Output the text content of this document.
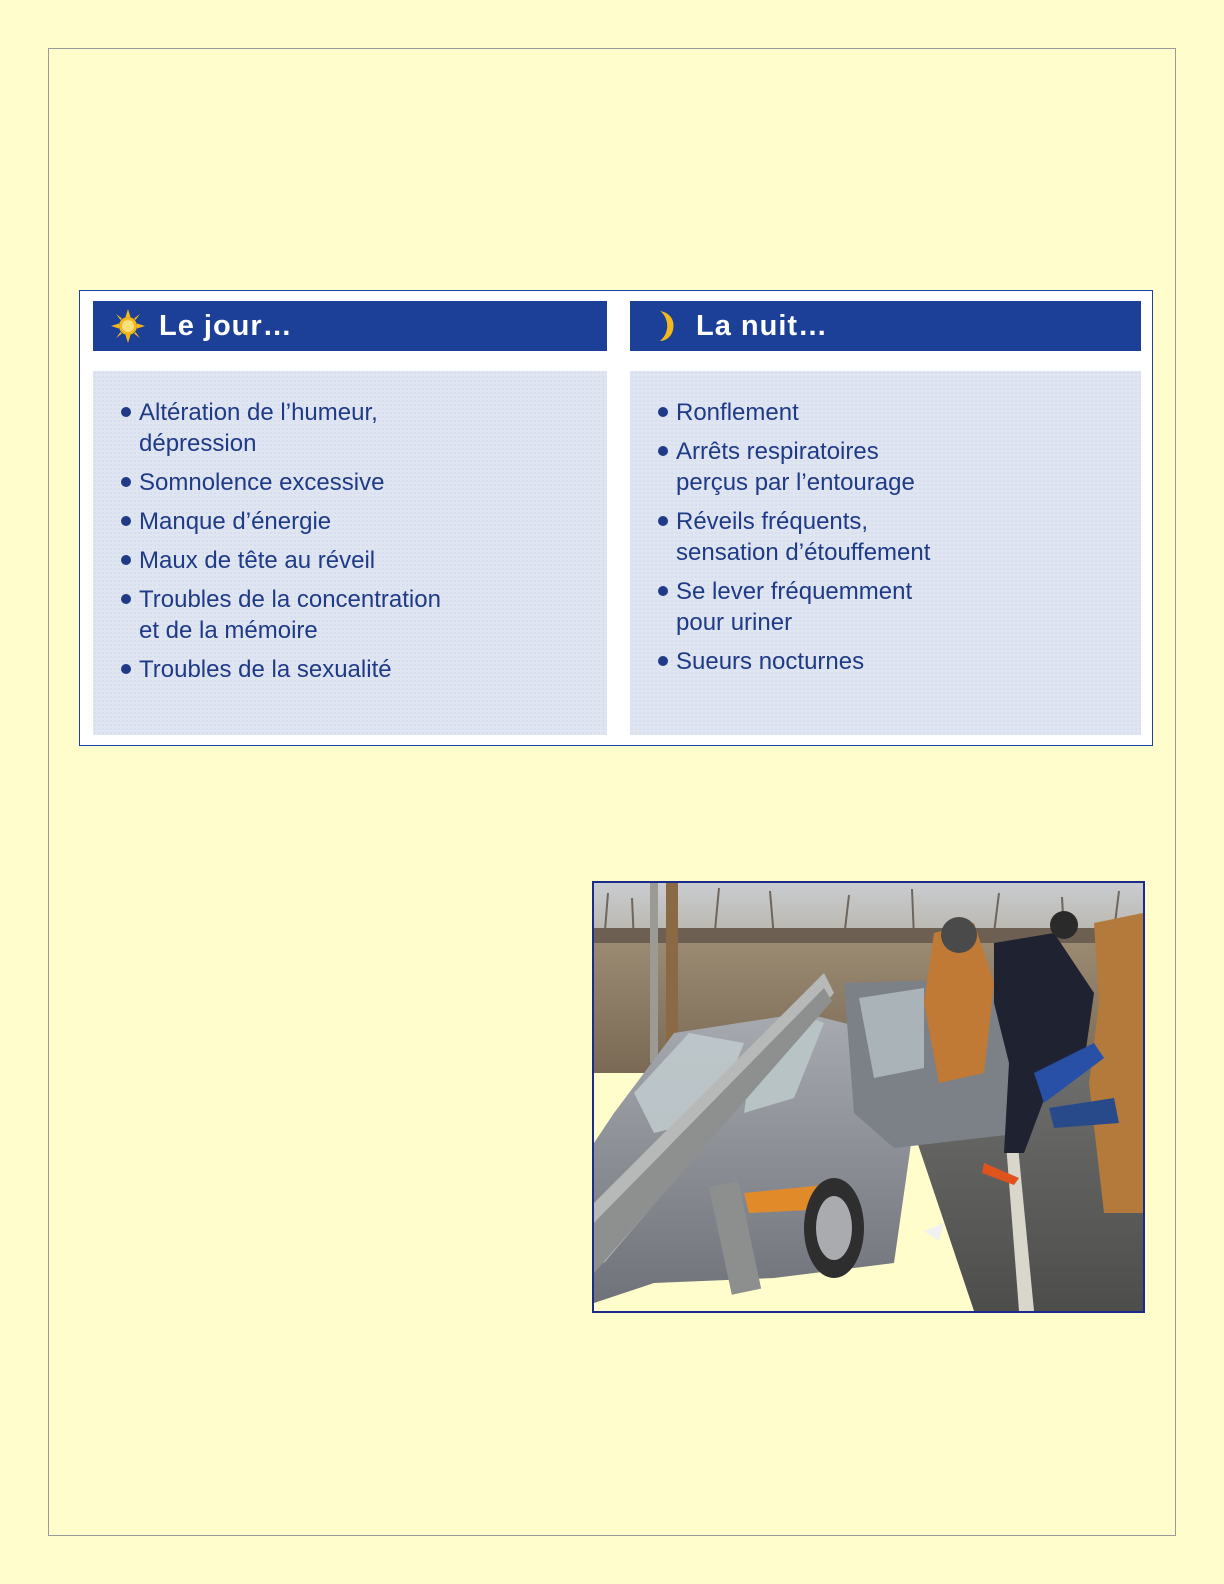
Le jour…
Altération de l’humeur,
dépression
Somnolence excessive
Manque d’énergie
Maux de tête au réveil
Troubles de la concentration
et de la mémoire
Troubles de la sexualité
La nuit…
Ronflement
Arrêts respiratoires
perçus par l’entourage
Réveils fréquents,
sensation d’étouffement
Se lever fréquemment
pour uriner
Sueurs nocturnes
